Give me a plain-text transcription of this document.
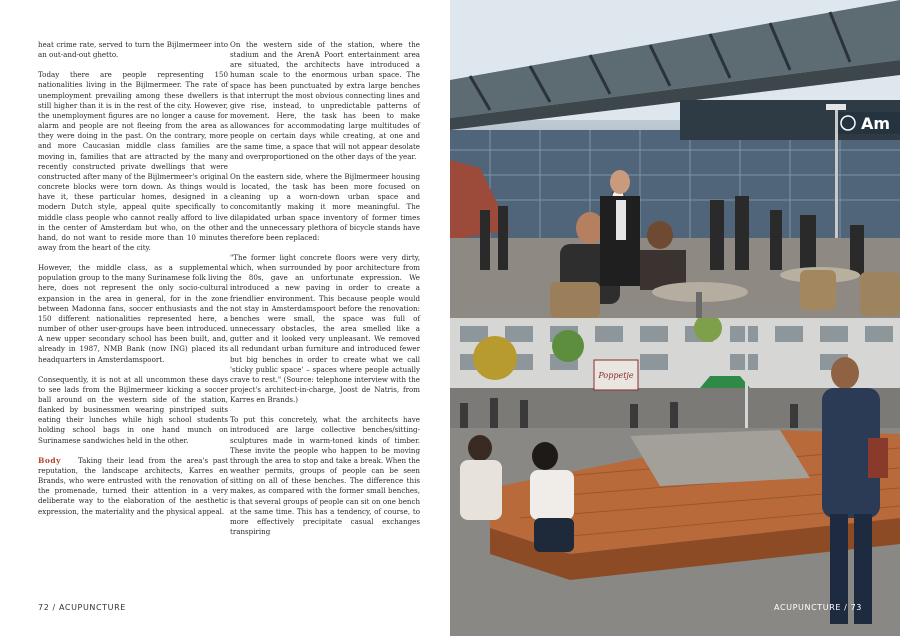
heat crime rate, served to turn the Bijlmermeer into an out-and-out ghetto.

Today there are people representing 150 nationalities living in the Bijlmermeer. The rate of unemployment prevailing among these dwellers is still higher than it is in the rest of the city. However, the unemployment figures are no longer a cause for alarm and people are not fleeing from the area as they were doing in the past. On the contrary, more and more Caucasian middle class families are moving in, families that are attracted by the many recently constructed private dwellings that were constructed after many of the Bijlmermeer's original concrete blocks were torn down. As things would have it, these particular homes, designed in a modern Dutch style, appeal quite specifically to middle class people who cannot really afford to live in the center of Amsterdam but who, on the other hand, do not want to reside more than 10 minutes away from the heart of the city.

However, the middle class, as a supplemental population group to the many Surinamese folk living here, does not represent the only socio-cultural expansion in the area in general, for in the zone between Madonna fans, soccer enthusiasts and the 150 different nationalities represented here, a number of other user-groups have been introduced. A new upper secondary school has been built, and, already in 1987, NMB Bank (now ING) placed its headquarters in Amsterdamspoort.

Consequently, it is not at all uncommon these days to see lads from the Bijlmermeer kicking a soccer ball around on the western side of the station, flanked by businessmen wearing pinstriped suits eating their lunches while high school students holding school bags in one hand munch on Surinamese sandwiches held in the other.

Body	Taking their lead from the area's past reputation, the landscape architects, Karres en Brands, who were entrusted with the renovation of the promenade, turned their attention in a very deliberate way to the elaboration of the aesthetic expression, the materiality and the physical appeal.

On the western side of the station, where the stadium and the ArenA Poort entertainment area are situated, the architects have introduced a human scale to the enormous urban space. The space has been punctuated by extra large benches that interrupt the most obvious connecting lines and give rise, instead, to unpredictable patterns of movement. Here, the task has been to make allowances for accommodating large multitudes of people on certain days while creating, at one and the same time, a space that will not appear desolate and overproportioned on the other days of the year.

On the eastern side, where the Bijlmermeer housing is located, the task has been more focused on cleaning up a worn-down urban space and concomitantly making it more meaningful. The dilapidated urban space inventory of former times and the unnecessary plethora of bicycle stands have therefore been replaced:

"The former light concrete floors were very dirty, which, when surrounded by poor architecture from the 80s, gave an unfortunate expression. We introduced a new paving in order to create a friendlier environment. This because people would not stay in Amsterdamspoort before the renovation: benches were small, the space was full of unnecessary obstacles, the area smelled like a gutter and it looked very unpleasant. We removed all redundant urban furniture and introduced fewer but big benches in order to create what we call 'sticky public space' – spaces where people actually crave to rest." (Source: telephone interview with the project's architect-in-charge, Joost de Natris, from Karres en Brands.)

To put this concretely, what the architects have introduced are large collective benches/sitting-sculptures made in warm-toned kinds of timber. These invite the people who happen to be moving through the area to stop and take a break. When the weather permits, groups of people can be seen sitting on all of these benches. The difference this makes, as compared with the former small benches, is that several groups of people can sit on one bench at the same time. This has a tendency, of course, to more effectively precipitate casual exchanges transpiring

72 / ACUPUNCTURE
Am
Poppetje
ACUPUNCTURE / 73
